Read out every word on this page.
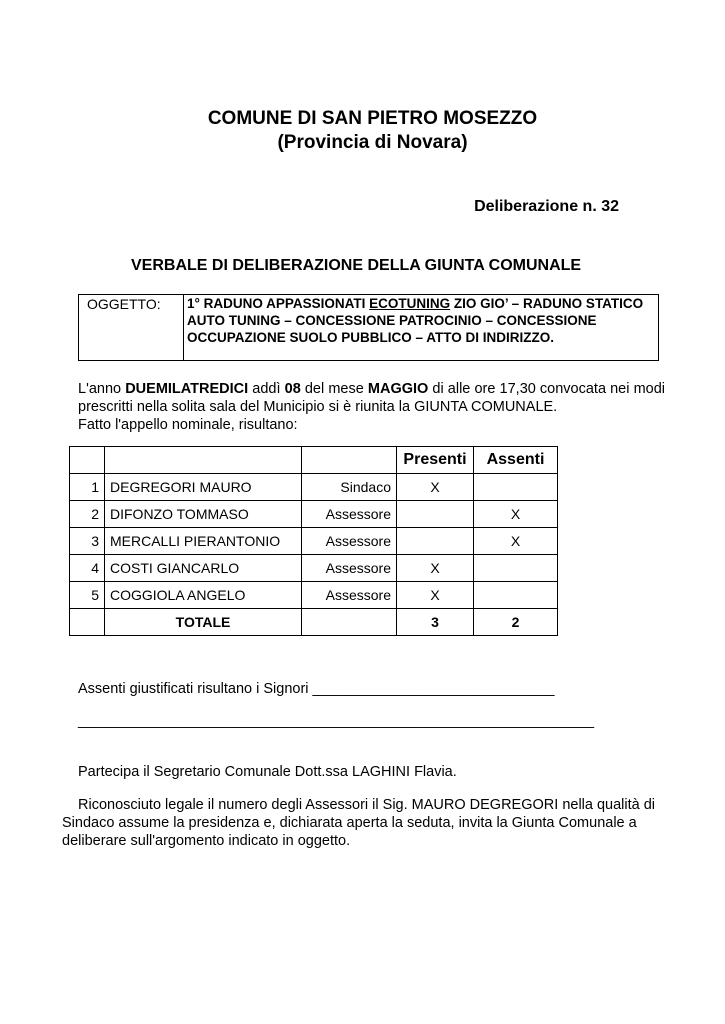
COMUNE DI SAN PIETRO MOSEZZO
(Provincia di Novara)
Deliberazione n. 32
VERBALE DI DELIBERAZIONE DELLA GIUNTA COMUNALE
OGGETTO:	1° RADUNO APPASSIONATI ECOTUNING ZIO GIO’ – RADUNO STATICO AUTO TUNING – CONCESSIONE PATROCINIO – CONCESSIONE OCCUPAZIONE SUOLO PUBBLICO – ATTO DI INDIRIZZO.
L'anno DUEMILATREDICI addì 08 del mese MAGGIO di alle ore 17,30 convocata nei modi prescritti nella solita sala del Municipio si è riunita la GIUNTA COMUNALE.
Fatto l'appello nominale, risultano:
			Presenti	Assenti
1	DEGREGORI MAURO	Sindaco	X	
2	DIFONZO TOMMASO	Assessore		X
3	MERCALLI PIERANTONIO	Assessore		X
4	COSTI GIANCARLO	Assessore	X	
5	COGGIOLA ANGELO	Assessore	X	
	TOTALE		3	2
Assenti giustificati risultano i Signori ______________________________
________________________________________________________________
Partecipa il Segretario Comunale Dott.ssa LAGHINI Flavia.
Riconosciuto legale il numero degli Assessori il Sig. MAURO DEGREGORI nella qualità di
Sindaco assume la presidenza e, dichiarata aperta la seduta, invita la Giunta Comunale a
deliberare sull'argomento indicato in oggetto.
